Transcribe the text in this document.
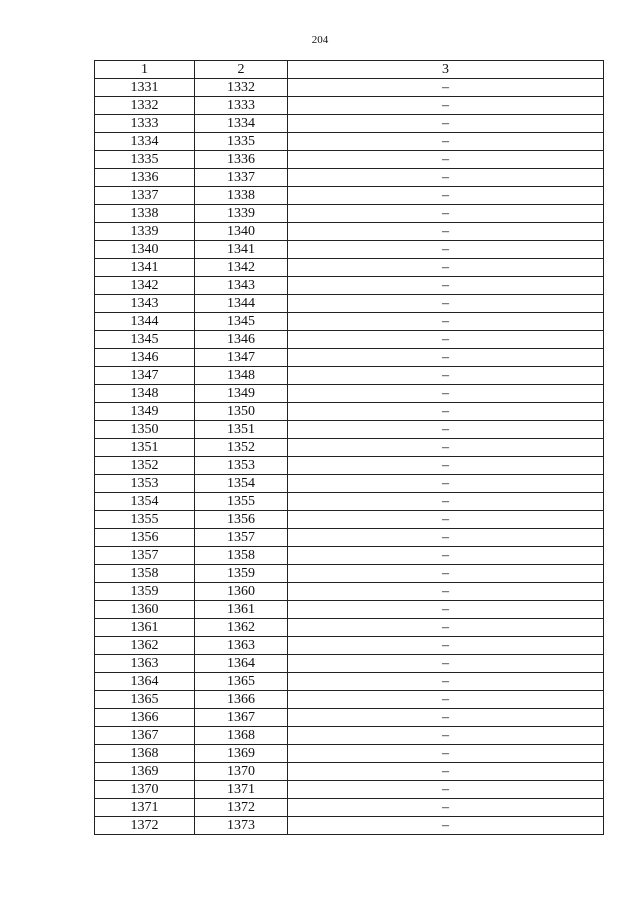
204
1	2	3
1331	1332	–
1332	1333	–
1333	1334	–
1334	1335	–
1335	1336	–
1336	1337	–
1337	1338	–
1338	1339	–
1339	1340	–
1340	1341	–
1341	1342	–
1342	1343	–
1343	1344	–
1344	1345	–
1345	1346	–
1346	1347	–
1347	1348	–
1348	1349	–
1349	1350	–
1350	1351	–
1351	1352	–
1352	1353	–
1353	1354	–
1354	1355	–
1355	1356	–
1356	1357	–
1357	1358	–
1358	1359	–
1359	1360	–
1360	1361	–
1361	1362	–
1362	1363	–
1363	1364	–
1364	1365	–
1365	1366	–
1366	1367	–
1367	1368	–
1368	1369	–
1369	1370	–
1370	1371	–
1371	1372	–
1372	1373	–
